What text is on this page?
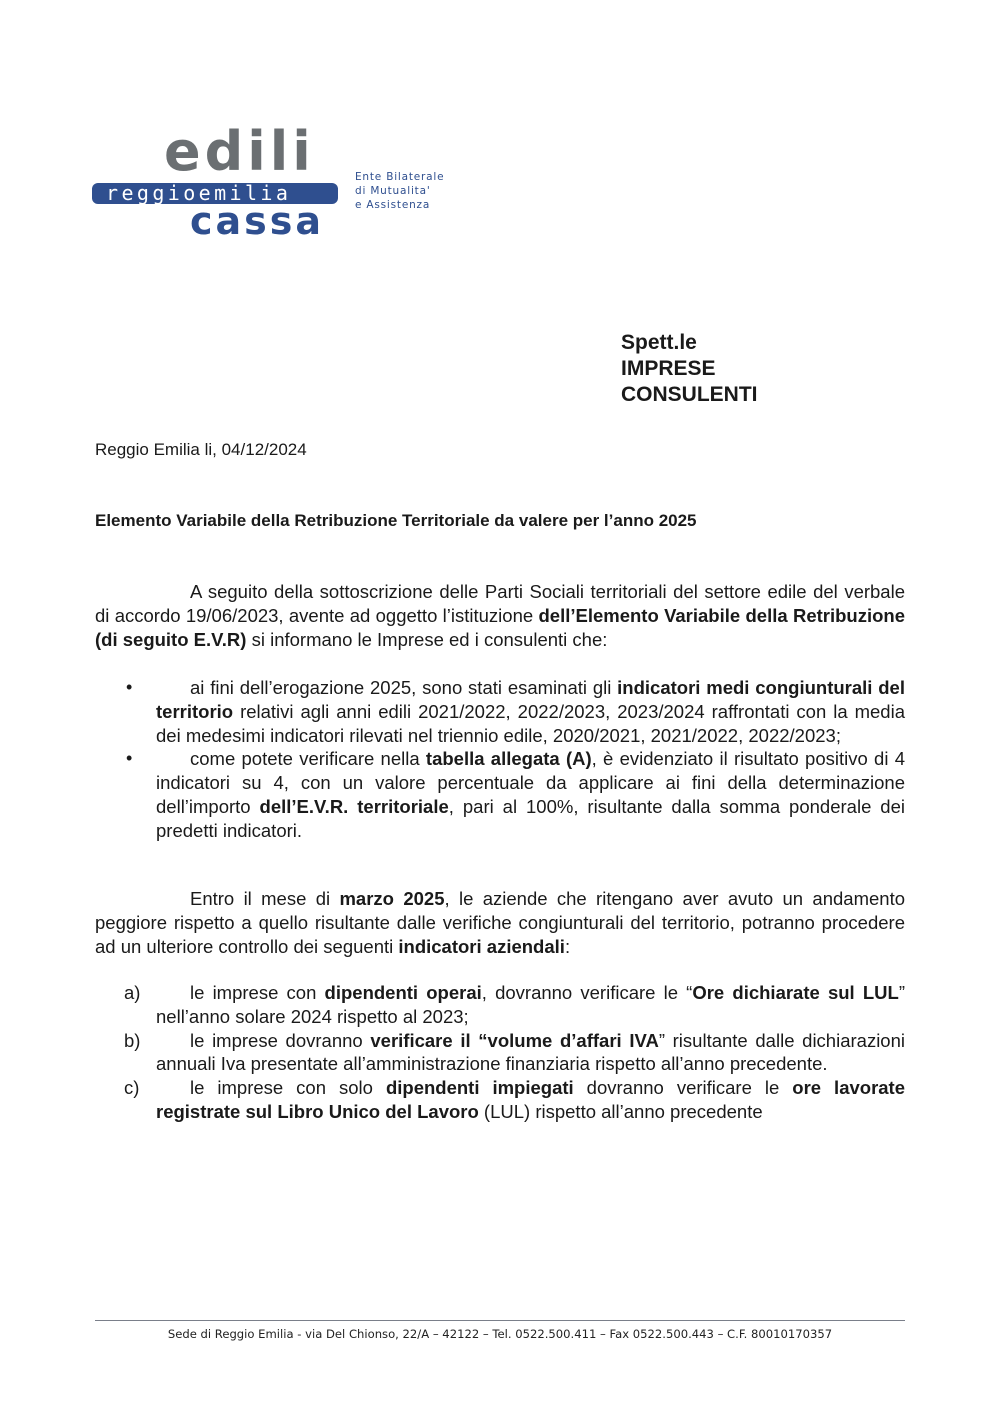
edili
reggioemilia
cassa
Ente Bilaterale
di Mutualita'
e Assistenza
Spett.le
IMPRESE
CONSULENTI
Reggio Emilia li, 04/12/2024
Elemento Variabile della Retribuzione Territoriale da valere per l’anno 2025

A seguito della sottoscrizione delle Parti Sociali territoriali del settore edile del verbale di accordo 19/06/2023, avente ad oggetto l’istituzione dell’Elemento Variabile della Retribuzione (di seguito E.V.R) si informano le Imprese ed i consulenti che:

•	ai fini dell’erogazione 2025, sono stati esaminati gli indicatori medi congiunturali del territorio relativi agli anni edili 2021/2022, 2022/2023, 2023/2024 raffrontati con la media dei medesimi indicatori rilevati nel triennio edile, 2020/2021, 2021/2022, 2022/2023;
•	come potete verificare nella tabella allegata (A), è evidenziato il risultato positivo di 4 indicatori su 4, con un valore percentuale da applicare ai fini della determinazione dell’importo dell’E.V.R. territoriale, pari al 100%, risultante dalla somma ponderale dei predetti indicatori.

Entro il mese di marzo 2025, le aziende che ritengano aver avuto un andamento peggiore rispetto a quello risultante dalle verifiche congiunturali del territorio, potranno procedere ad un ulteriore controllo dei seguenti indicatori aziendali:

a)	le imprese con dipendenti operai, dovranno verificare le “Ore dichiarate sul LUL” nell’anno solare 2024 rispetto al 2023;
b)	le imprese dovranno verificare il “volume d’affari IVA” risultante dalle dichiarazioni annuali Iva presentate all’amministrazione finanziaria rispetto all’anno precedente.
c)	le imprese con solo dipendenti impiegati dovranno verificare le ore lavorate registrate sul Libro Unico del Lavoro (LUL) rispetto all’anno precedente
Sede di Reggio Emilia - via Del Chionso, 22/A – 42122 – Tel. 0522.500.411 – Fax 0522.500.443 – C.F. 80010170357
